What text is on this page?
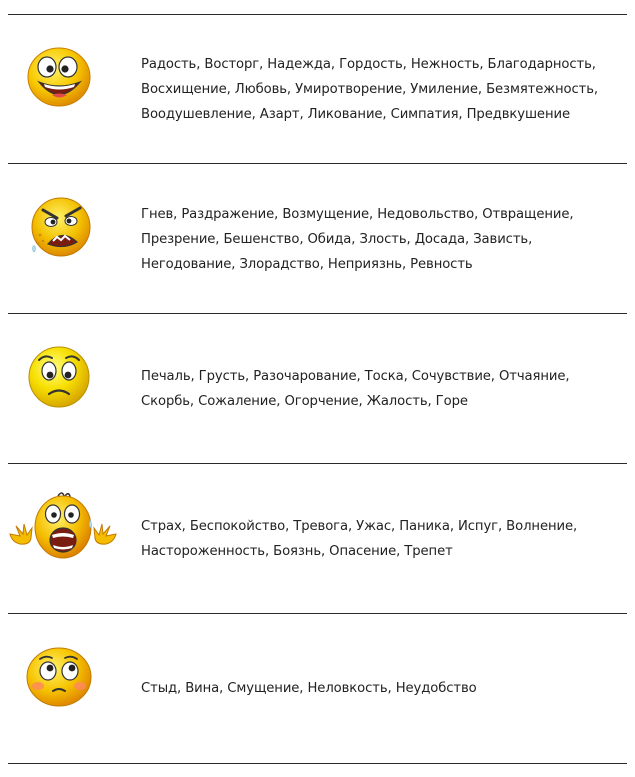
Радость, Восторг, Надежда, Гордость, Нежность, Благодарность,
Восхищение, Любовь, Умиротворение, Умиление, Безмятежность,
Воодушевление, Азарт, Ликование, Симпатия, Предвкушение
Гнев, Раздражение, Возмущение, Недовольство, Отвращение,
Презрение, Бешенство, Обида, Злость, Досада, Зависть,
Негодование, Злорадство, Неприязнь, Ревность
Печаль, Грусть, Разочарование, Тоска, Сочувствие, Отчаяние,
Скорбь, Сожаление, Огорчение, Жалость, Горе
Страх, Беспокойство, Тревога, Ужас, Паника, Испуг, Волнение,
Настороженность, Боязнь, Опасение, Трепет
Стыд, Вина, Смущение, Неловкость, Неудобство
